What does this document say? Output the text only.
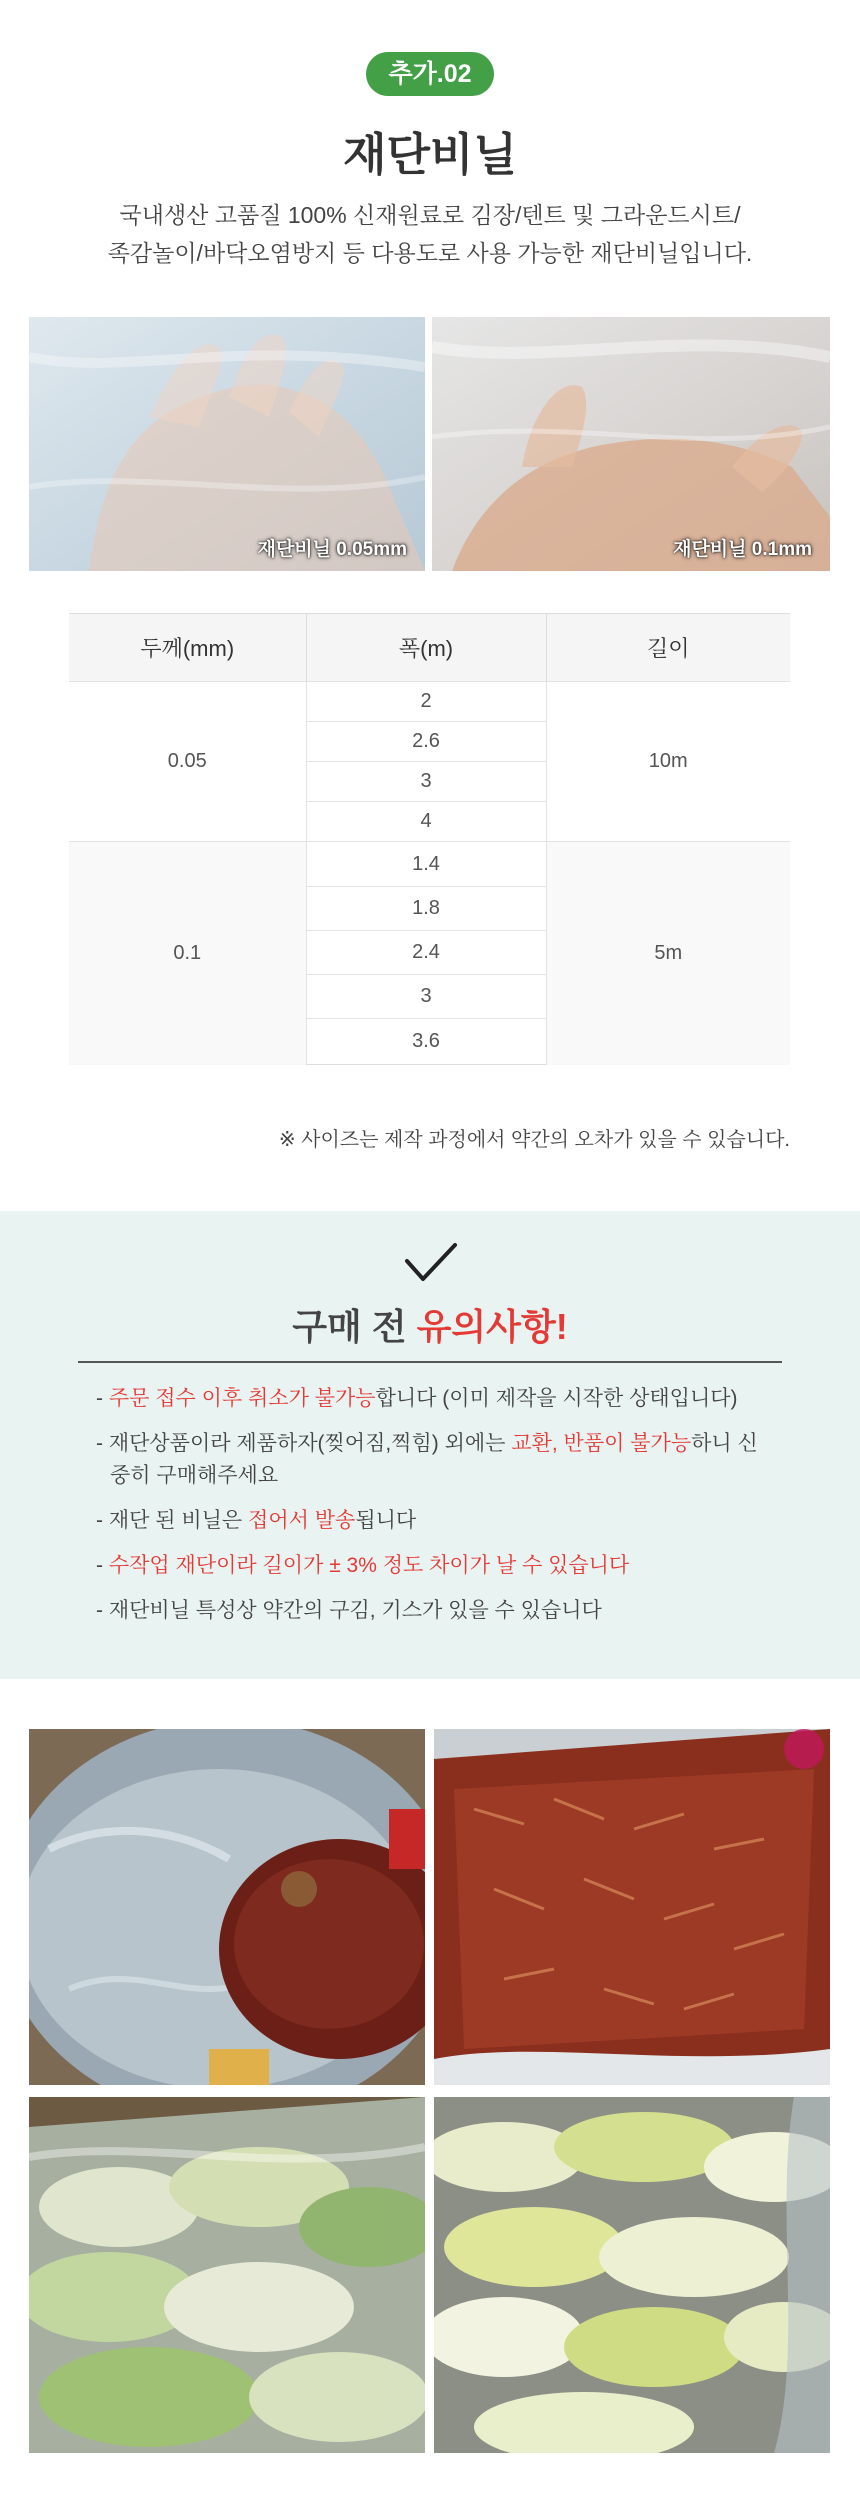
추가.02
재단비닐
국내생산 고품질 100% 신재원료로 김장/텐트 및 그라운드시트/
족감놀이/바닥오염방지 등 다용도로 사용 가능한 재단비닐입니다.
재단비닐 0.05mm	재단비닐 0.1mm
두께(mm)	폭(m)	길이
0.05	2	10m
	2.6	
	3	
	4	
0.1	1.4	5m
	1.8	
	2.4	
	3	
	3.6	
※ 사이즈는 제작 과정에서 약간의 오차가 있을 수 있습니다.
구매 전 유의사항!
- 주문 접수 이후 취소가 불가능합니다 (이미 제작을 시작한 상태입니다)
- 재단상품이라 제품하자(찢어짐,찍힘) 외에는 교환, 반품이 불가능하니 신중히 구매해주세요
- 재단 된 비닐은 접어서 발송됩니다
- 수작업 재단이라 길이가 ± 3% 정도 차이가 날 수 있습니다
- 재단비닐 특성상 약간의 구김, 기스가 있을 수 있습니다
